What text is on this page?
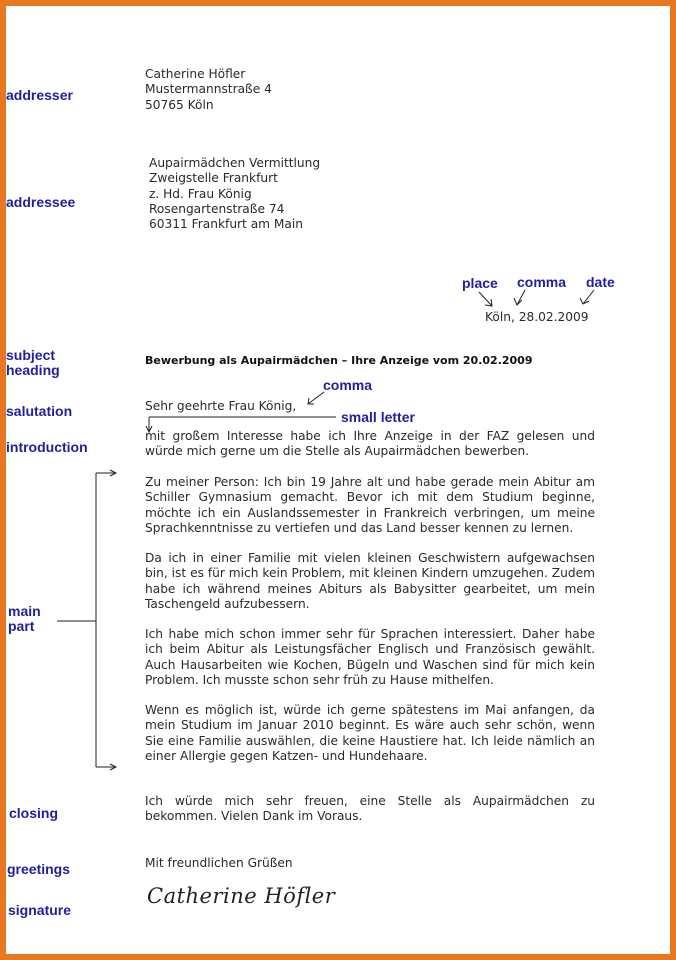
addresser
addressee
subject
heading
salutation
introduction
main
part
closing
greetings
signature
Catherine Höfler
Mustermannstraße 4
50765 Köln
Aupairmädchen Vermittlung
Zweigstelle Frankfurt
z. Hd. Frau König
Rosengartenstraße 74
60311 Frankfurt am Main
place comma date
Köln, 28.02.2009
Bewerbung als Aupairmädchen – Ihre Anzeige vom 20.02.2009
comma
Sehr geehrte Frau König,
small letter
mit großem Interesse habe ich Ihre Anzeige in der FAZ gelesen und würde mich gerne um die Stelle als Aupairmädchen bewerben.
Zu meiner Person: Ich bin 19 Jahre alt und habe gerade mein Abitur am Schiller Gymnasium gemacht. Bevor ich mit dem Studium beginne, möchte ich ein Auslandssemester in Frankreich verbringen, um meine Sprachkenntnisse zu vertiefen und das Land besser kennen zu lernen.
Da ich in einer Familie mit vielen kleinen Geschwistern aufgewachsen bin, ist es für mich kein Problem, mit kleinen Kindern umzugehen. Zudem habe ich während meines Abiturs als Babysitter gearbeitet, um mein Taschengeld aufzubessern.
Ich habe mich schon immer sehr für Sprachen interessiert. Daher habe ich beim Abitur als Leistungsfächer Englisch und Französisch gewählt. Auch Hausarbeiten wie Kochen, Bügeln und Waschen sind für mich kein Problem. Ich musste schon sehr früh zu Hause mithelfen.
Wenn es möglich ist, würde ich gerne spätestens im Mai anfangen, da mein Studium im Januar 2010 beginnt. Es wäre auch sehr schön, wenn Sie eine Familie auswählen, die keine Haustiere hat. Ich leide nämlich an einer Allergie gegen Katzen- und Hundehaare.
Ich würde mich sehr freuen, eine Stelle als Aupairmädchen zu bekommen. Vielen Dank im Voraus.
Mit freundlichen Grüßen
Catherine Höfler
